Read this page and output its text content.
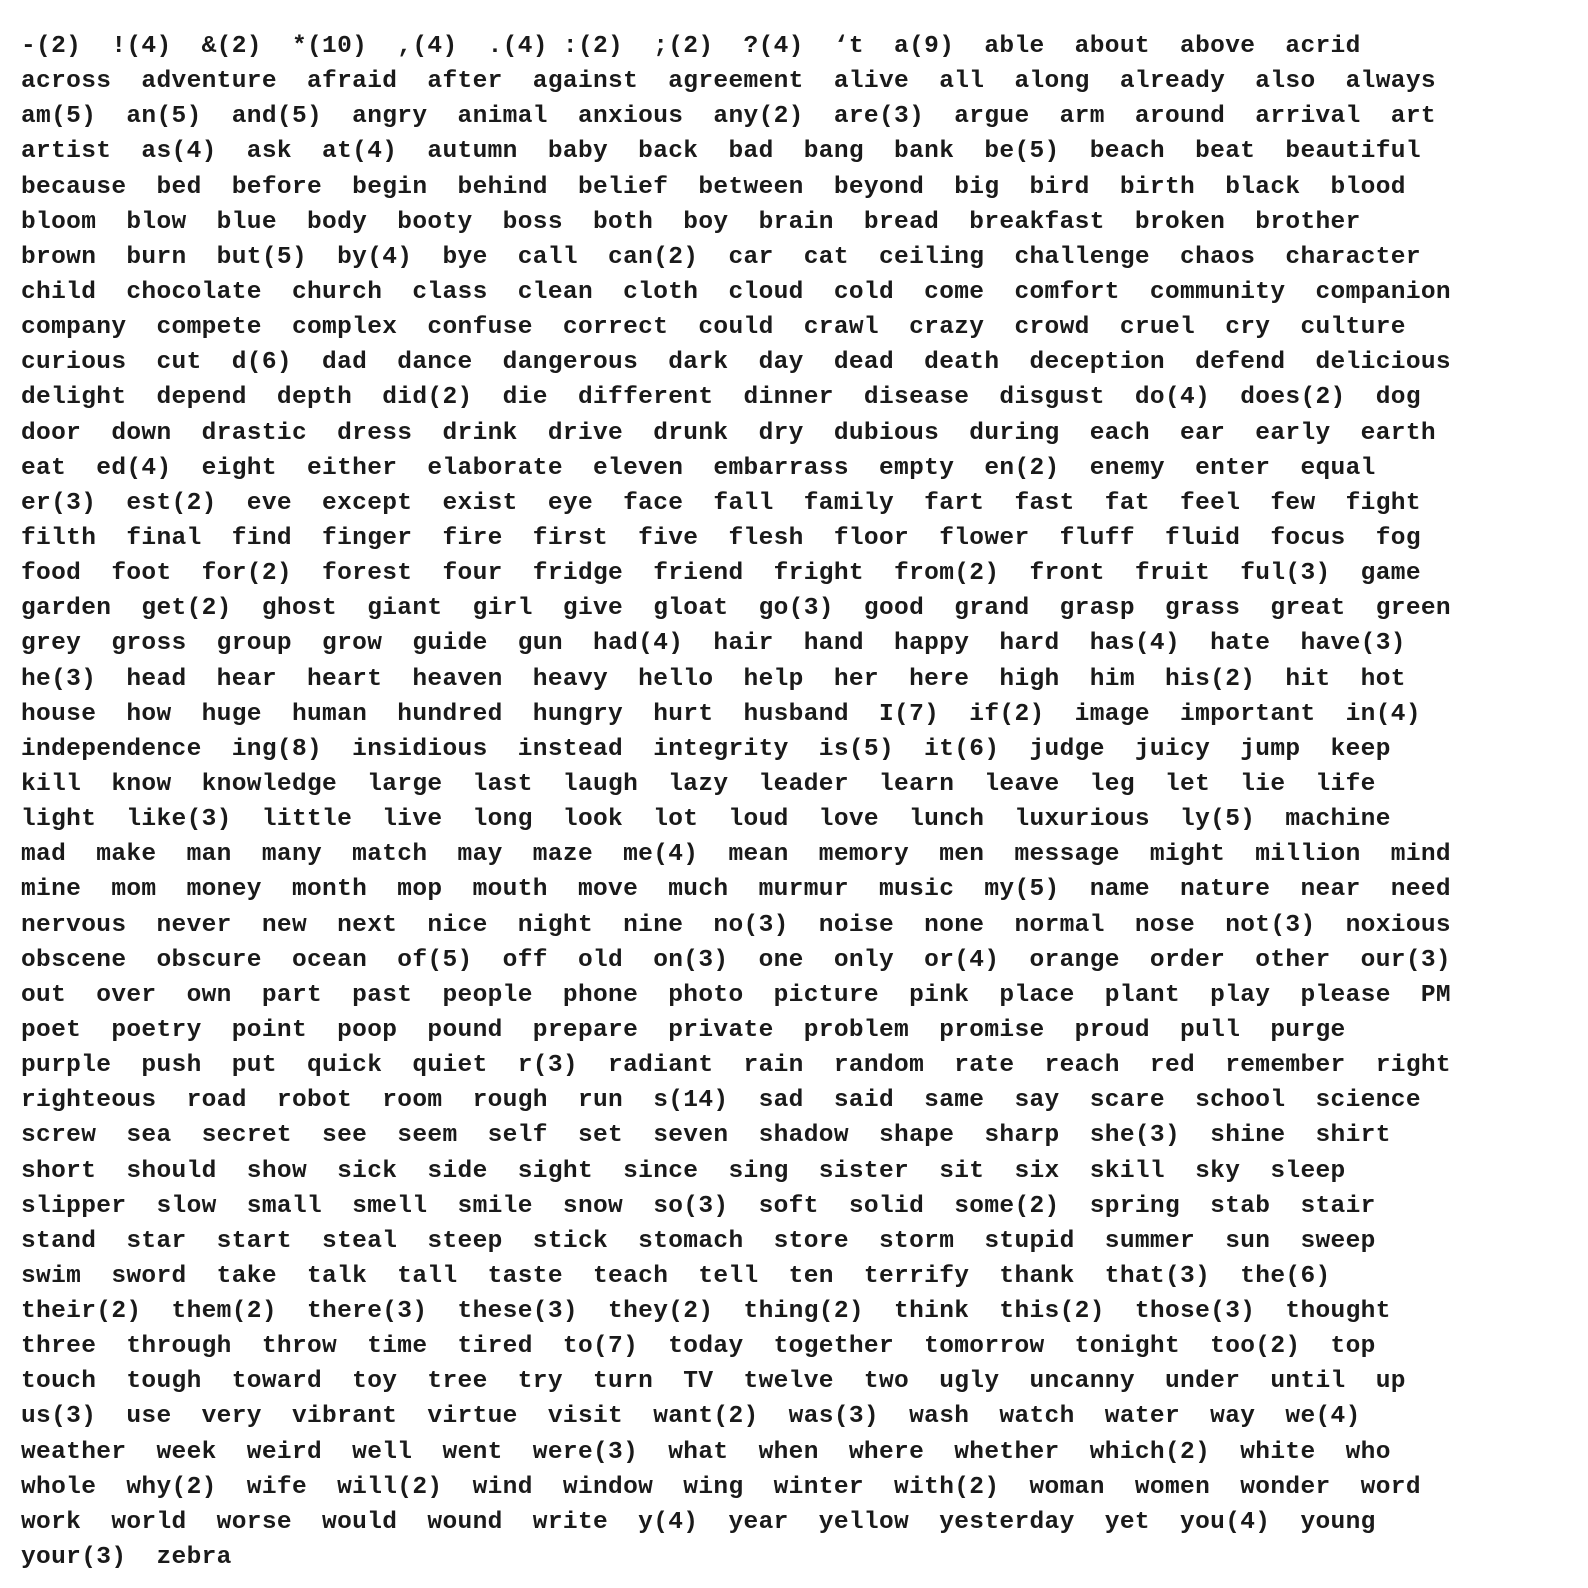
-(2)  !(4)  &(2)  *(10)  ,(4)  .(4) :(2)  ;(2)  ?(4)  ‘t  a(9)  able  about  above  acrid
across  adventure  afraid  after  against  agreement  alive  all  along  already  also  always
am(5)  an(5)  and(5)  angry  animal  anxious  any(2)  are(3)  argue  arm  around  arrival  art
artist  as(4)  ask  at(4)  autumn  baby  back  bad  bang  bank  be(5)  beach  beat  beautiful
because  bed  before  begin  behind  belief  between  beyond  big  bird  birth  black  blood
bloom  blow  blue  body  booty  boss  both  boy  brain  bread  breakfast  broken  brother
brown  burn  but(5)  by(4)  bye  call  can(2)  car  cat  ceiling  challenge  chaos  character
child  chocolate  church  class  clean  cloth  cloud  cold  come  comfort  community  companion
company  compete  complex  confuse  correct  could  crawl  crazy  crowd  cruel  cry  culture
curious  cut  d(6)  dad  dance  dangerous  dark  day  dead  death  deception  defend  delicious
delight  depend  depth  did(2)  die  different  dinner  disease  disgust  do(4)  does(2)  dog
door  down  drastic  dress  drink  drive  drunk  dry  dubious  during  each  ear  early  earth
eat  ed(4)  eight  either  elaborate  eleven  embarrass  empty  en(2)  enemy  enter  equal
er(3)  est(2)  eve  except  exist  eye  face  fall  family  fart  fast  fat  feel  few  fight
filth  final  find  finger  fire  first  five  flesh  floor  flower  fluff  fluid  focus  fog
food  foot  for(2)  forest  four  fridge  friend  fright  from(2)  front  fruit  ful(3)  game
garden  get(2)  ghost  giant  girl  give  gloat  go(3)  good  grand  grasp  grass  great  green
grey  gross  group  grow  guide  gun  had(4)  hair  hand  happy  hard  has(4)  hate  have(3)
he(3)  head  hear  heart  heaven  heavy  hello  help  her  here  high  him  his(2)  hit  hot
house  how  huge  human  hundred  hungry  hurt  husband  I(7)  if(2)  image  important  in(4)
independence  ing(8)  insidious  instead  integrity  is(5)  it(6)  judge  juicy  jump  keep
kill  know  knowledge  large  last  laugh  lazy  leader  learn  leave  leg  let  lie  life
light  like(3)  little  live  long  look  lot  loud  love  lunch  luxurious  ly(5)  machine
mad  make  man  many  match  may  maze  me(4)  mean  memory  men  message  might  million  mind
mine  mom  money  month  mop  mouth  move  much  murmur  music  my(5)  name  nature  near  need
nervous  never  new  next  nice  night  nine  no(3)  noise  none  normal  nose  not(3)  noxious
obscene  obscure  ocean  of(5)  off  old  on(3)  one  only  or(4)  orange  order  other  our(3)
out  over  own  part  past  people  phone  photo  picture  pink  place  plant  play  please  PM
poet  poetry  point  poop  pound  prepare  private  problem  promise  proud  pull  purge
purple  push  put  quick  quiet  r(3)  radiant  rain  random  rate  reach  red  remember  right
righteous  road  robot  room  rough  run  s(14)  sad  said  same  say  scare  school  science
screw  sea  secret  see  seem  self  set  seven  shadow  shape  sharp  she(3)  shine  shirt
short  should  show  sick  side  sight  since  sing  sister  sit  six  skill  sky  sleep
slipper  slow  small  smell  smile  snow  so(3)  soft  solid  some(2)  spring  stab  stair
stand  star  start  steal  steep  stick  stomach  store  storm  stupid  summer  sun  sweep
swim  sword  take  talk  tall  taste  teach  tell  ten  terrify  thank  that(3)  the(6)
their(2)  them(2)  there(3)  these(3)  they(2)  thing(2)  think  this(2)  those(3)  thought
three  through  throw  time  tired  to(7)  today  together  tomorrow  tonight  too(2)  top
touch  tough  toward  toy  tree  try  turn  TV  twelve  two  ugly  uncanny  under  until  up
us(3)  use  very  vibrant  virtue  visit  want(2)  was(3)  wash  watch  water  way  we(4)
weather  week  weird  well  went  were(3)  what  when  where  whether  which(2)  white  who
whole  why(2)  wife  will(2)  wind  window  wing  winter  with(2)  woman  women  wonder  word
work  world  worse  would  wound  write  y(4)  year  yellow  yesterday  yet  you(4)  young
your(3)  zebra
